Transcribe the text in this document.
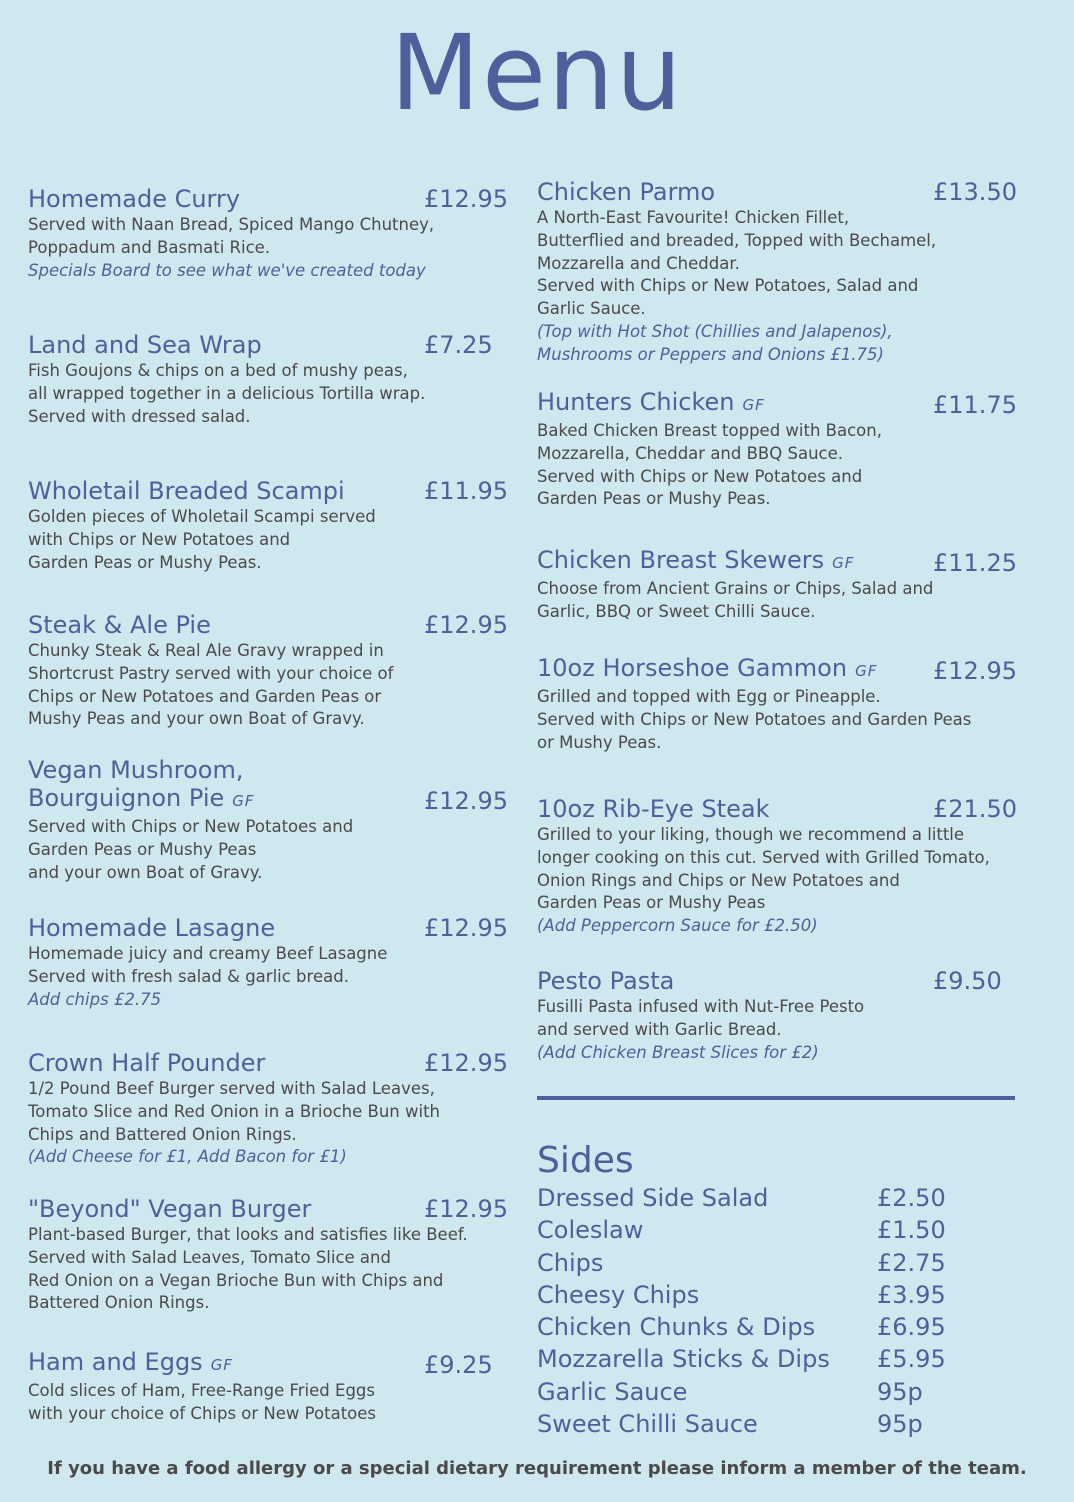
Menu
Homemade Curry	£12.95
Served with Naan Bread, Spiced Mango Chutney,
Poppadum and Basmati Rice.
Specials Board to see what we've created today
Land and Sea Wrap	£7.25
Fish Goujons & chips on a bed of mushy peas,
all wrapped together in a delicious Tortilla wrap.
Served with dressed salad.
Wholetail Breaded Scampi	£11.95
Golden pieces of Wholetail Scampi served
with Chips or New Potatoes and
Garden Peas or Mushy Peas.
Steak & Ale Pie	£12.95
Chunky Steak & Real Ale Gravy wrapped in
Shortcrust Pastry served with your choice of
Chips or New Potatoes and Garden Peas or
Mushy Peas and your own Boat of Gravy.
Vegan Mushroom,
Bourguignon Pie GF	£12.95
Served with Chips or New Potatoes and
Garden Peas or Mushy Peas
and your own Boat of Gravy.
Homemade Lasagne	£12.95
Homemade juicy and creamy Beef Lasagne
Served with fresh salad & garlic bread.
Add chips £2.75
Crown Half Pounder	£12.95
1/2 Pound Beef Burger served with Salad Leaves,
Tomato Slice and Red Onion in a Brioche Bun with
Chips and Battered Onion Rings.
(Add Cheese for £1, Add Bacon for £1)
"Beyond" Vegan Burger	£12.95
Plant-based Burger, that looks and satisfies like Beef.
Served with Salad Leaves, Tomato Slice and
Red Onion on a Vegan Brioche Bun with Chips and
Battered Onion Rings.
Ham and Eggs GF	£9.25
Cold slices of Ham, Free-Range Fried Eggs
with your choice of Chips or New Potatoes
Chicken Parmo	£13.50
A North-East Favourite! Chicken Fillet,
Butterflied and breaded, Topped with Bechamel,
Mozzarella and Cheddar.
Served with Chips or New Potatoes, Salad and
Garlic Sauce.
(Top with Hot Shot (Chillies and Jalapenos),
Mushrooms or Peppers and Onions £1.75)
Hunters Chicken GF	£11.75
Baked Chicken Breast topped with Bacon,
Mozzarella, Cheddar and BBQ Sauce.
Served with Chips or New Potatoes and
Garden Peas or Mushy Peas.
Chicken Breast Skewers GF	£11.25
Choose from Ancient Grains or Chips, Salad and
Garlic, BBQ or Sweet Chilli Sauce.
10oz Horseshoe Gammon GF £12.95
Grilled and topped with Egg or Pineapple.
Served with Chips or New Potatoes and Garden Peas
or Mushy Peas.
10oz Rib-Eye Steak	£21.50
Grilled to your liking, though we recommend a little
longer cooking on this cut. Served with Grilled Tomato,
Onion Rings and Chips or New Potatoes and
Garden Peas or Mushy Peas
(Add Peppercorn Sauce for £2.50)
Pesto Pasta	£9.50
Fusilli Pasta infused with Nut-Free Pesto
and served with Garlic Bread.
(Add Chicken Breast Slices for £2)
Sides
Dressed Side Salad	£2.50
Coleslaw	£1.50
Chips	£2.75
Cheesy Chips	£3.95
Chicken Chunks & Dips	£6.95
Mozzarella Sticks & Dips £5.95
Garlic Sauce	95p
Sweet Chilli Sauce	95p
If you have a food allergy or a special dietary requirement please inform a member of the team.
